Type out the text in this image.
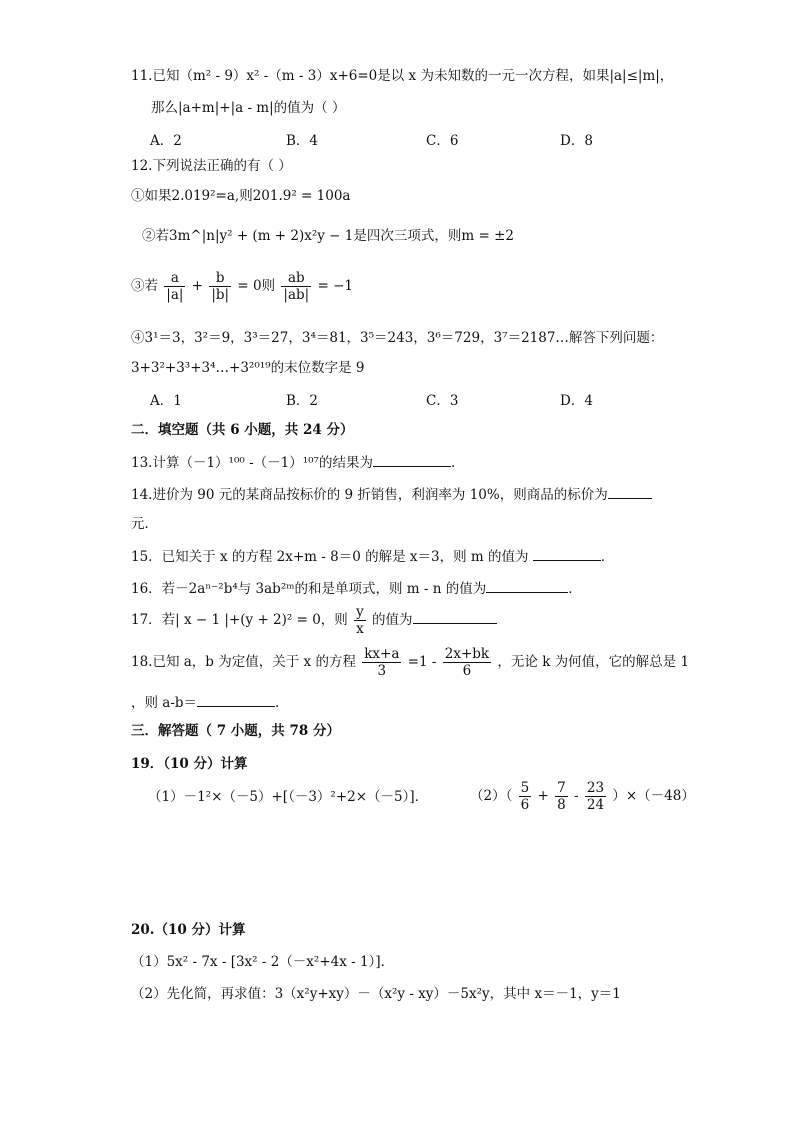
11.已知（m² - 9）x² -（m - 3）x+6=0是以 x 为未知数的一元一次方程，如果|a|≤|m|，
那么|a+m|+|a - m|的值为（ ）
A．2	B．4	C．6	D．8
12.下列说法正确的有（ ）
①如果2.019²=a,则201.9² = 100a
②若3m^|n|y² + (m + 2)x²y − 1是四次三项式，则m = ±2
③若 $\frac{a}{|a|} + \frac{b}{|b|} = 0$则 $\frac{ab}{|ab|} = -1$
④3¹＝3，3²＝9，3³＝27，3⁴＝81，3⁵＝243，3⁶＝729，3⁷＝2187…解答下列问题：
3+3²+3³+3⁴…+3²⁰¹⁹的末位数字是 9
A．1	B．2	C．3	D．4
二．填空题（共 6 小题，共 24 分）
13.计算（－1）¹⁰⁰ -（－1）¹⁰⁷的结果为	．
14.进价为 90 元的某商品按标价的 9 折销售，利润率为 10%，则商品的标价为
元．
15．已知关于 x 的方程 2x+m - 8＝0 的解是 x＝3，则 m 的值为	．
16．若－2aⁿ⁻²b⁴与 3ab²ᵐ的和是单项式，则 m - n 的值为	．
17．若| x − 1 |+(y + 2)² = 0，则 $\frac{y}{x}$ 的值为
18.已知 a，b 为定值，关于 x 的方程 $\frac{kx+a}{3} =1 - \frac{2x+bk}{6}$ ，无论 k 为何值，它的解总是 1
，则 a-b＝	．
三．解答题（ 7 小题，共 78 分）
19．（10 分）计算
（1）－1²×（－5）+[（－3）²+2×（－5）]．	$(2)( \frac{5}{6} + \frac{7}{8} - \frac{23}{24} )\times(-48)$
20.（10 分）计算
（1）5x² - 7x - [3x² - 2（－x²+4x - 1）]．
（2）先化简，再求值：3（x²y+xy）－（x²y - xy）－5x²y，其中 x＝－1，y＝1
